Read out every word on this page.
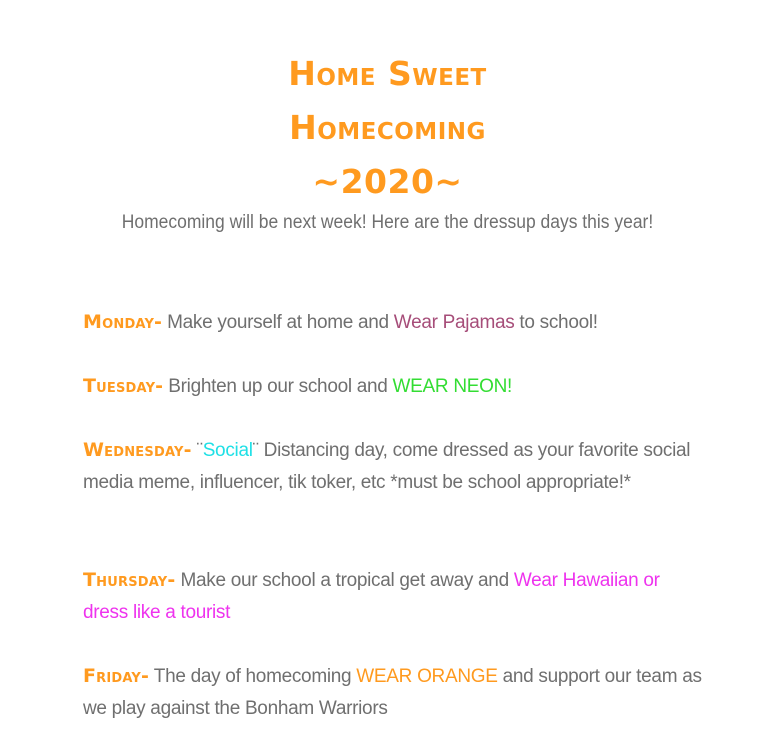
Home Sweet
Homecoming
~2020~
Homecoming will be next week! Here are the dressup days this year!
Monday- Make yourself at home and Wear Pajamas to school!
Tuesday- Brighten up our school and WEAR NEON!
Wednesday- ¨Social¨ Distancing day, come dressed as your favorite social media meme, influencer, tik toker, etc *must be school appropriate!*
Thursday- Make our school a tropical get away and Wear Hawaiian or dress like a tourist
Friday- The day of homecoming WEAR ORANGE and support our team as we play against the Bonham Warriors
